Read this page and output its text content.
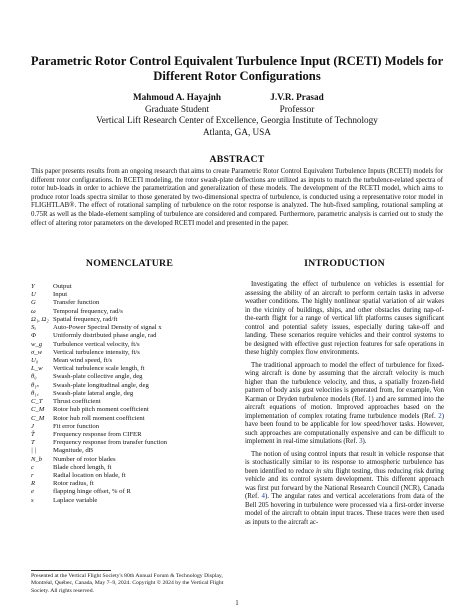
Parametric Rotor Control Equivalent Turbulence Input (RCETI) Models for
Different Rotor Configurations
Mahmoud A. Hayajnh
Graduate Student
J.V.R. Prasad
Professor
Vertical Lift Research Center of Excellence, Georgia Institute of Technology
Atlanta, GA, USA
ABSTRACT
This paper presents results from an ongoing research that aims to create Parametric Rotor Control Equivalent Turbulence Inputs (RCETI) models for different rotor configurations. In RCETI modeling, the rotor swash-plate deflections are utilized as inputs to match the turbulence-related spectra of rotor hub-loads in order to achieve the parametrization and generalization of these models. The development of the RCETI model, which aims to produce rotor loads spectra similar to those generated by two-dimensional spectra of turbulence, is conducted using a representative rotor model in FLIGHTLAB®. The effect of rotational sampling of turbulence on the rotor response is analyzed. The hub-fixed sampling, rotational sampling at 0.75R as well as the blade-element sampling of turbulence are considered and compared. Furthermore, parametric analysis is carried out to study the effect of altering rotor parameters on the developed RCETI model and presented in the paper.
NOMENCLATURE
Y	Output
U	Input
G	Transfer function
ω	Temporal frequency, rad/s
Ω₁, Ω₂ Spatial frequency, rad/ft
Sₓ	Auto-Power Spectral Density of signal x
Φ	Uniformly distributed phase angle, rad
w_g	Turbulence vertical velocity, ft/s
σ_w	Vertical turbulence intensity, ft/s
U₀	Mean wind speed, ft/s
L_w	Vertical turbulence scale length, ft
θ₀	Swash-plate collective angle, deg
θ₁ₛ	Swash-plate longitudinal angle, deg
θ₁꜀	Swash-plate lateral angle, deg
C_T	Thrust coefficient
C_M	Rotor hub pitch moment coefficient
C_M	Rotor hub roll moment coefficient
J	Fit error function
T̂	Frequency response from CIFER
T	Frequency response from transfer function
| |	Magnitude, dB
N_b	Number of rotor blades
c	Blade chord length, ft
r	Radial location on blade, ft
R	Rotor radius, ft
e	flapping hinge offset, % of R
s	Laplace variable
INTRODUCTION

Investigating the effect of turbulence on vehicles is essential for assessing the ability of an aircraft to perform certain tasks in adverse weather conditions. The highly nonlinear spatial variation of air wakes in the vicinity of buildings, ships, and other obstacles during nap-of-the-earth flight for a range of vertical lift platforms causes significant control and potential safety issues, especially during take-off and landing. These scenarios require vehicles and their control systems to be designed with effective gust rejection features for safe operations in these highly complex flow environments.

The traditional approach to model the effect of turbulence for fixed-wing aircraft is done by assuming that the aircraft velocity is much higher than the turbulence velocity, and thus, a spatially frozen-field pattern of body axis gust velocities is generated from, for example, Von Karman or Dryden turbulence models (Ref. 1) and are summed into the aircraft equations of motion. Improved approaches based on the implementation of complex rotating frame turbulence models (Ref. 2) have been found to be applicable for low speed/hover tasks. However, such approaches are computationally expensive and can be difficult to implement in real-time simulations (Ref. 3).

The notion of using control inputs that result in vehicle response that is stochastically similar to its response to atmospheric turbulence has been identified to reduce in situ flight testing, thus reducing risk during vehicle and its control system development. This different approach was first put forward by the National Research Council (NCR), Canada (Ref. 4). The angular rates and vertical accelerations from data of the Bell 205 hovering in turbulence were processed via a first-order inverse model of the aircraft to obtain input traces. These traces were then used as inputs to the aircraft ac-

Presented at the Vertical Flight Society's 80th Annual Forum & Technology Display, Montréal, Québec, Canada, May 7–9, 2024. Copyright © 2024 by the Vertical Flight Society. All rights reserved.
1
